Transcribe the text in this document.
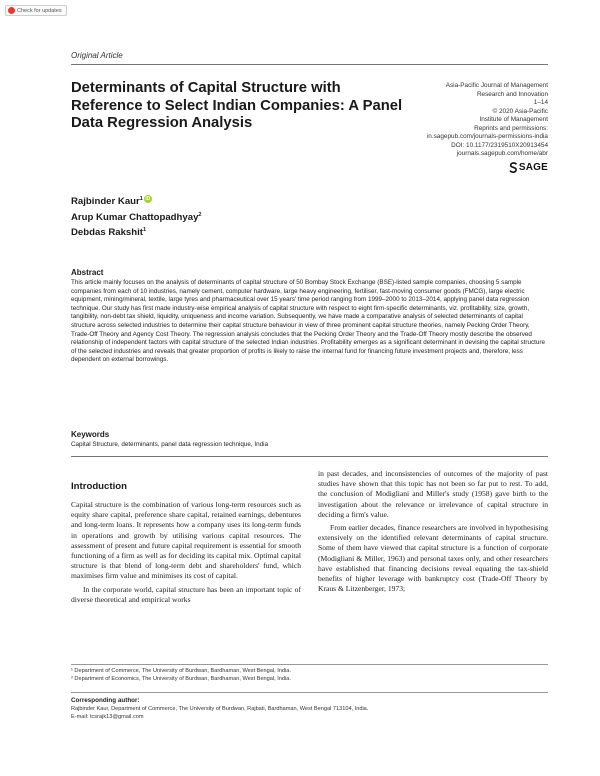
Check for updates
Original Article
Determinants of Capital Structure with Reference to Select Indian Companies: A Panel Data Regression Analysis
Asia-Pacific Journal of Management
Research and Innovation
1–14
© 2020 Asia-Pacific
Institute of Management
Reprints and permissions:
in.sagepub.com/journals-permissions-india
DOI: 10.1177/2319510X20913454
journals.sagepub.com/home/abr
SAGE
Rajbinder Kaur$^1$ iD
Arup Kumar Chattopadhyay$^2$
Debdas Rakshit$^1$
Abstract

This article mainly focuses on the analysis of determinants of capital structure of 50 Bombay Stock Exchange (BSE)-listed sample companies, choosing 5 sample companies from each of 10 industries, namely cement, computer hardware, large heavy engineering, fertiliser, fast-moving consumer goods (FMCG), large electric equipment, mining/mineral, textile, large tyres and pharmaceutical over 15 years' time period ranging from 1999–2000 to 2013–2014, applying panel data regression technique. Our study has first made industry-wise empirical analysis of capital structure with respect to eight firm-specific determinants, viz. profitability, size, growth, tangibility, non-debt tax shield, liquidity, uniqueness and income variation. Subsequently, we have made a comparative analysis of selected determinants of capital structure across selected industries to determine their capital structure behaviour in view of three prominent capital structure theories, namely Pecking Order Theory, Trade-Off Theory and Agency Cost Theory. The regression analysis concludes that the Pecking Order Theory and the Trade-Off Theory mostly describe the observed relationship of independent factors with capital structure of the selected Indian industries. Profitability emerges as a significant determinant in devising the capital structure of the selected industries and reveals that greater proportion of profits is likely to raise the internal fund for financing future investment projects and, therefore, less dependent on external borrowings.

Keywords
Capital Structure, determinants, panel data regression technique, India
Introduction

Capital structure is the combination of various long-term resources such as equity share capital, preference share capital, retained earnings, debentures and long-term loans. It represents how a company uses its long-term funds in operations and growth by utilising various capital resources. The assessment of present and future capital requirement is essential for smooth functioning of a firm as well as for deciding its capital mix. Optimal capital structure is that blend of long-term debt and shareholders' fund, which maximises firm value and minimises its cost of capital.

In the corporate world, capital structure has been an important topic of diverse theoretical and empirical works

in past decades, and inconsistencies of outcomes of the majority of past studies have shown that this topic has not been so far put to rest. To add, the conclusion of Modigliani and Miller's study (1958) gave birth to the investigation about the relevance or irrelevance of capital structure in deciding a firm's value.

From earlier decades, finance researchers are involved in hypothesising extensively on the identified relevant determinants of capital structure. Some of them have viewed that capital structure is a function of corporate (Modigliani & Miller, 1963) and personal taxes only, and other researchers have established that financing decisions reveal equating the tax-shield benefits of higher leverage with bankruptcy cost (Trade-Off Theory by Kraus & Litzenberger, 1973;

¹ Department of Commerce, The University of Burdwan, Bardhaman, West Bengal, India.
² Department of Economics, The University of Burdwan, Bardhaman, West Bengal, India.
Corresponding author:
Rajbinder Kaur, Department of Commerce, The University of Burdwan, Rajbati, Bardhaman, West Bengal 713104, India.
E-mail: tcsrajk13@gmail.com
